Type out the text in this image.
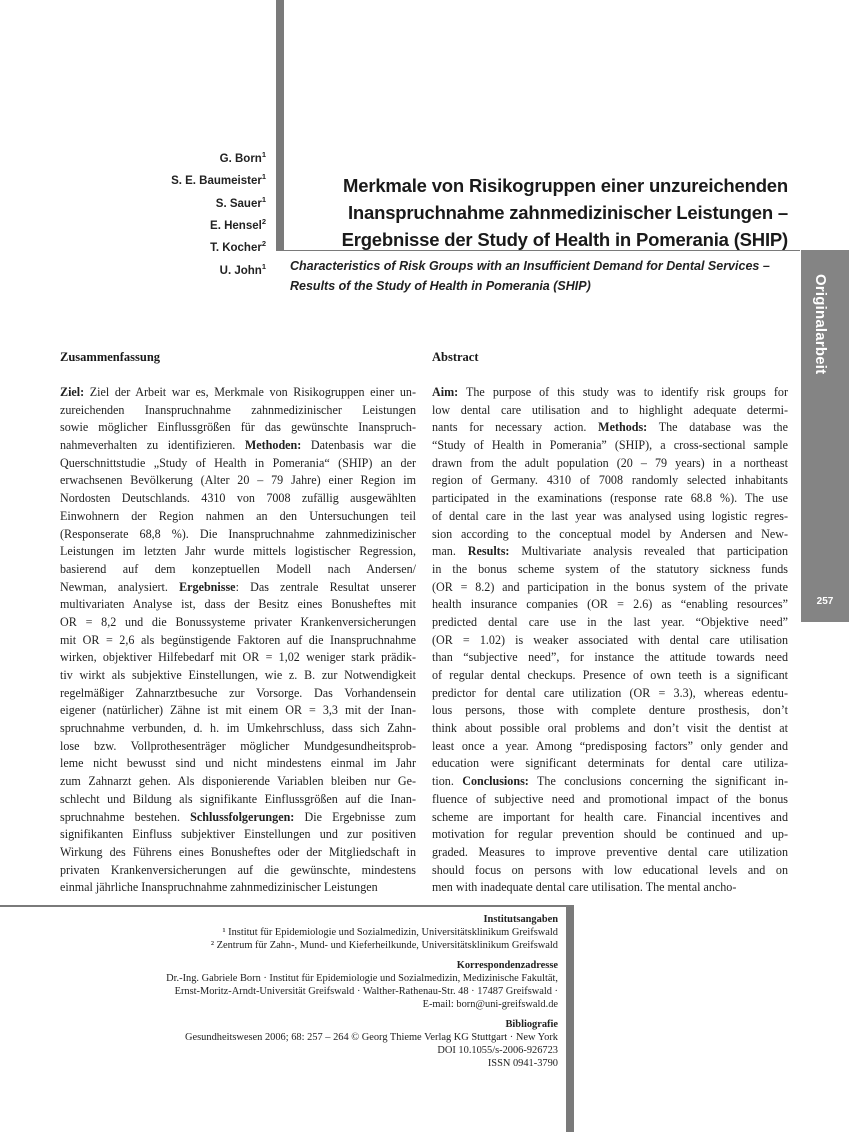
Originalarbeit
257
G. Born$^1$
S. E. Baumeister$^1$
S. Sauer$^1$
E. Hensel$^2$
T. Kocher$^2$
U. John$^1$
Merkmale von Risikogruppen einer unzureichenden
Inanspruchnahme zahnmedizinischer Leistungen –
Ergebnisse der Study of Health in Pomerania (SHIP)
Characteristics of Risk Groups with an Insufficient Demand for Dental Services –
Results of the Study of Health in Pomerania (SHIP)
Zusammenfassung	Abstract
Ziel: Ziel der Arbeit war es, Merkmale von Risikogruppen einer un-
zureichenden Inanspruchnahme zahnmedizinischer Leistungen
sowie möglicher Einflussgrößen für das gewünschte Inanspruch-
nahmeverhalten zu identifizieren. Methoden: Datenbasis war die
Querschnittstudie „Study of Health in Pomerania“ (SHIP) an der
erwachsenen Bevölkerung (Alter 20 – 79 Jahre) einer Region im
Nordosten Deutschlands. 4310 von 7008 zufällig ausgewählten
Einwohnern der Region nahmen an den Untersuchungen teil
(Responserate 68,8 %). Die Inanspruchnahme zahnmedizinischer
Leistungen im letzten Jahr wurde mittels logistischer Regression,
basierend auf dem konzeptuellen Modell nach Andersen/
Newman, analysiert. Ergebnisse: Das zentrale Resultat unserer
multivariaten Analyse ist, dass der Besitz eines Bonusheftes mit
OR = 8,2 und die Bonussysteme privater Krankenversicherungen
mit OR = 2,6 als begünstigende Faktoren auf die Inanspruchnahme
wirken, objektiver Hilfebedarf mit OR = 1,02 weniger stark prädik-
tiv wirkt als subjektive Einstellungen, wie z. B. zur Notwendigkeit
regelmäßiger Zahnarztbesuche zur Vorsorge. Das Vorhandensein
eigener (natürlicher) Zähne ist mit einem OR = 3,3 mit der Inan-
spruchnahme verbunden, d. h. im Umkehrschluss, dass sich Zahn-
lose bzw. Vollprothesenträger möglicher Mundgesundheitsprob-
leme nicht bewusst sind und nicht mindestens einmal im Jahr
zum Zahnarzt gehen. Als disponierende Variablen bleiben nur Ge-
schlecht und Bildung als signifikante Einflussgrößen auf die Inan-
spruchnahme bestehen. Schlussfolgerungen: Die Ergebnisse zum
signifikanten Einfluss subjektiver Einstellungen und zur positiven
Wirkung des Führens eines Bonusheftes oder der Mitgliedschaft in
privaten Krankenversicherungen auf die gewünschte, mindestens
einmal jährliche Inanspruchnahme zahnmedizinischer Leistungen
Aim: The purpose of this study was to identify risk groups for
low dental care utilisation and to highlight adequate determi-
nants for necessary action. Methods: The database was the
“Study of Health in Pomerania” (SHIP), a cross-sectional sample
drawn from the adult population (20 – 79 years) in a northeast
region of Germany. 4310 of 7008 randomly selected inhabitants
participated in the examinations (response rate 68.8 %). The use
of dental care in the last year was analysed using logistic regres-
sion according to the conceptual model by Andersen and New-
man. Results: Multivariate analysis revealed that participation
in the bonus scheme system of the statutory sickness funds
(OR = 8.2) and participation in the bonus system of the private
health insurance companies (OR = 2.6) as “enabling resources”
predicted dental care use in the last year. “Objektive need”
(OR = 1.02) is weaker associated with dental care utilisation
than “subjective need”, for instance the attitude towards need
of regular dental checkups. Presence of own teeth is a significant
predictor for dental care utilization (OR = 3.3), whereas edentu-
lous persons, those with complete denture prosthesis, don’t
think about possible oral problems and don’t visit the dentist at
least once a year. Among “predisposing factors” only gender and
education were significant determinats for dental care utiliza-
tion. Conclusions: The conclusions concerning the significant in-
fluence of subjective need and promotional impact of the bonus
scheme are important for health care. Financial incentives and
motivation for regular prevention should be continued and up-
graded. Measures to improve preventive dental care utilization
should focus on persons with low educational levels and on
men with inadequate dental care utilisation. The mental ancho-
Institutsangaben
¹ Institut für Epidemiologie und Sozialmedizin, Universitätsklinikum Greifswald
² Zentrum für Zahn-, Mund- und Kieferheilkunde, Universitätsklinikum Greifswald
Korrespondenzadresse
Dr.-Ing. Gabriele Born · Institut für Epidemiologie und Sozialmedizin, Medizinische Fakultät,
Ernst-Moritz-Arndt-Universität Greifswald · Walther-Rathenau-Str. 48 · 17487 Greifswald ·
E-mail: born@uni-greifswald.de
Bibliografie
Gesundheitswesen 2006; 68: 257 – 264 © Georg Thieme Verlag KG Stuttgart · New York
DOI 10.1055/s-2006-926723
ISSN 0941-3790
